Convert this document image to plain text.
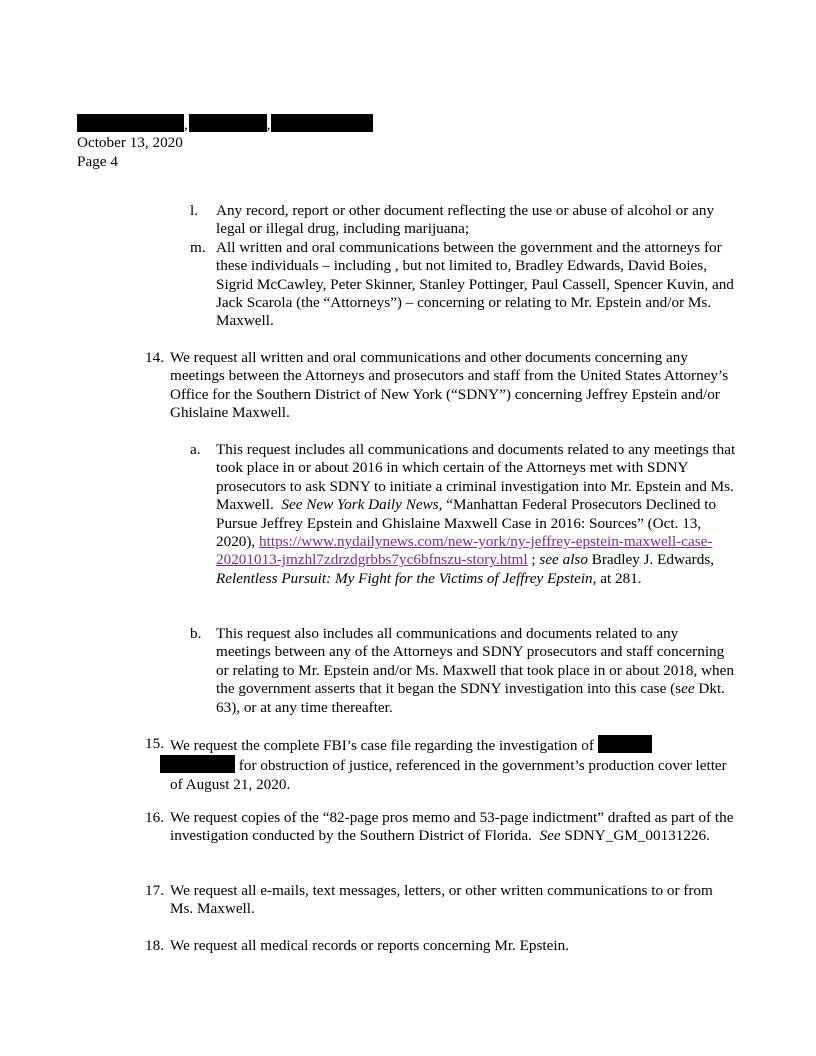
,	,
October 13, 2020
Page 4
l.	Any record, report or other document reflecting the use or abuse of alcohol or any legal or illegal drug, including marijuana;
m. All written and oral communications between the government and the attorneys for these individuals – including , but not limited to, Bradley Edwards, David Boies, Sigrid McCawley, Peter Skinner, Stanley Pottinger, Paul Cassell, Spencer Kuvin, and Jack Scarola (the “Attorneys”) – concerning or relating to Mr. Epstein and/or Ms. Maxwell.
14. We request all written and oral communications and other documents concerning any meetings between the Attorneys and prosecutors and staff from the United States Attorney’s Office for the Southern District of New York (“SDNY”) concerning Jeffrey Epstein and/or Ghislaine Maxwell.
a.	This request includes all communications and documents related to any meetings that took place in or about 2016 in which certain of the Attorneys met with SDNY prosecutors to ask SDNY to initiate a criminal investigation into Mr. Epstein and Ms. Maxwell. See New York Daily News, “Manhattan Federal Prosecutors Declined to Pursue Jeffrey Epstein and Ghislaine Maxwell Case in 2016: Sources” (Oct. 13, 2020), https://www.nydailynews.com/new-york/ny-jeffrey-epstein-maxwell-case-20201013-jmzhl7zdrzdgrbbs7yc6bfnszu-story.html ; see also Bradley J. Edwards, Relentless Pursuit: My Fight for the Victims of Jeffrey Epstein, at 281.
b. This request also includes all communications and documents related to any meetings between any of the Attorneys and SDNY prosecutors and staff concerning or relating to Mr. Epstein and/or Ms. Maxwell that took place in or about 2018, when the government asserts that it began the SDNY investigation into this case (see Dkt. 63), or at any time thereafter.
15. We request the complete FBI’s case file regarding the investigation of
for obstruction of justice, referenced in the government’s production cover letter of August 21, 2020.
16. We request copies of the “82-page pros memo and 53-page indictment” drafted as part of the investigation conducted by the Southern District of Florida. See SDNY_GM_00131226.
17. We request all e-mails, text messages, letters, or other written communications to or from Ms. Maxwell.
18. We request all medical records or reports concerning Mr. Epstein.
